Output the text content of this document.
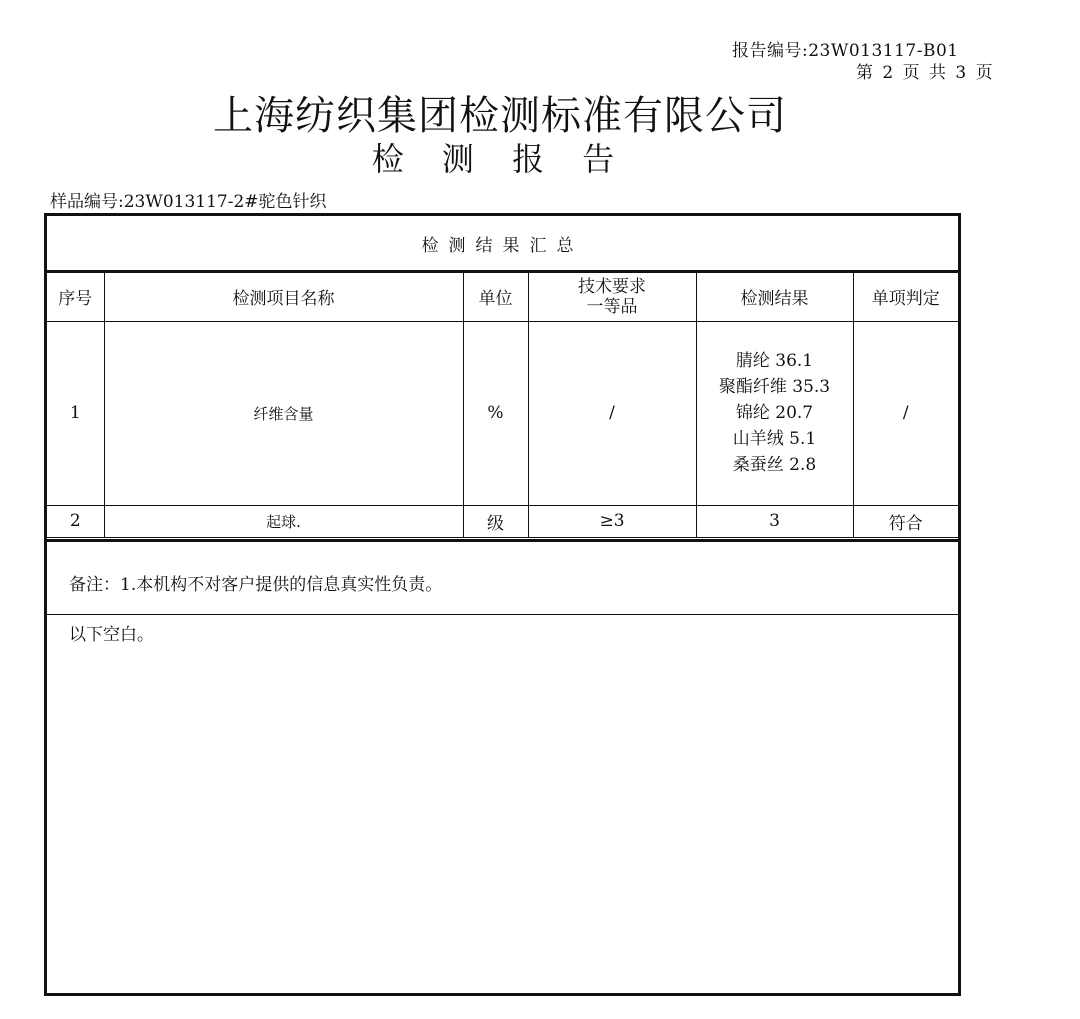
报告编号:23W013117-B01
第 2 页 共 3 页
上海纺织集团检测标准有限公司
检 测 报 告
样品编号:23W013117-2#驼色针织
检测结果汇总
序号	检测项目名称	单位	技术要求
一等品	检测结果	单项判定
1	纤维含量	%	/	腈纶 36.1
聚酯纤维 35.3
锦纶 20.7
山羊绒 5.1
桑蚕丝 2.8	/
2	起球.	级	≥3	3	符合
备注：1.本机构不对客户提供的信息真实性负责。
以下空白。
